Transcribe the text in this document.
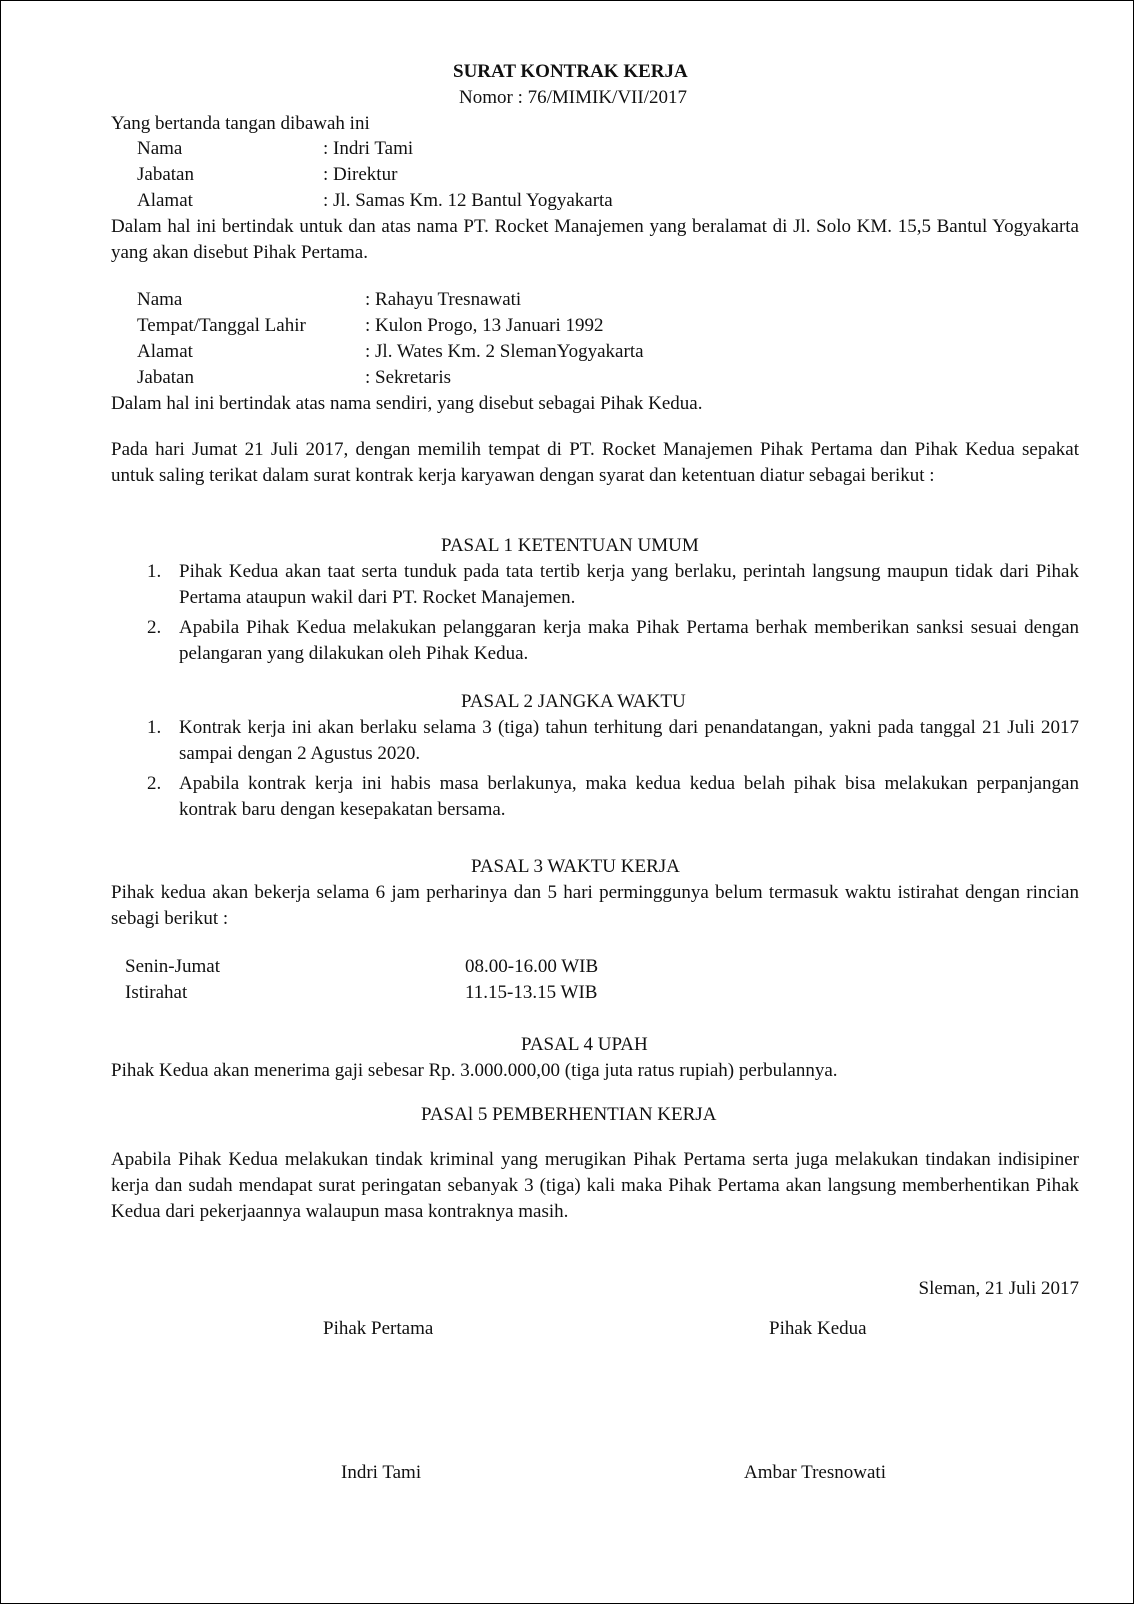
SURAT KONTRAK KERJA
Nomor : 76/MIMIK/VII/2017
Yang bertanda tangan dibawah ini
Nama	: Indri Tami
Jabatan	: Direktur
Alamat	: Jl. Samas Km. 12 Bantul Yogyakarta
Dalam hal ini bertindak untuk dan atas nama PT. Rocket Manajemen yang beralamat di Jl. Solo KM. 15,5 Bantul Yogyakarta yang akan disebut Pihak Pertama.
Nama	: Rahayu Tresnawati
Tempat/Tanggal Lahir	: Kulon Progo, 13 Januari 1992
Alamat	: Jl. Wates Km. 2 SlemanYogyakarta
Jabatan	: Sekretaris
Dalam hal ini bertindak atas nama sendiri, yang disebut sebagai Pihak Kedua.
Pada hari Jumat 21 Juli 2017, dengan memilih tempat di PT. Rocket Manajemen Pihak Pertama dan Pihak Kedua sepakat untuk saling terikat dalam surat kontrak kerja karyawan dengan syarat dan ketentuan diatur sebagai berikut :
PASAL 1 KETENTUAN UMUM
1. Pihak Kedua akan taat serta tunduk pada tata tertib kerja yang berlaku, perintah langsung maupun tidak dari Pihak Pertama ataupun wakil dari PT. Rocket Manajemen.
2. Apabila Pihak Kedua melakukan pelanggaran kerja maka Pihak Pertama berhak memberikan sanksi sesuai dengan pelangaran yang dilakukan oleh Pihak Kedua.
PASAL 2 JANGKA WAKTU
1. Kontrak kerja ini akan berlaku selama 3 (tiga) tahun terhitung dari penandatangan, yakni pada tanggal 21 Juli 2017 sampai dengan 2 Agustus 2020.
2. Apabila kontrak kerja ini habis masa berlakunya, maka kedua kedua belah pihak bisa melakukan perpanjangan kontrak baru dengan kesepakatan bersama.
PASAL 3 WAKTU KERJA
Pihak kedua akan bekerja selama 6 jam perharinya dan 5 hari perminggunya belum termasuk waktu istirahat dengan rincian sebagi berikut :
Senin-Jumat	08.00-16.00 WIB
Istirahat	11.15-13.15 WIB
PASAL 4 UPAH
Pihak Kedua akan menerima gaji sebesar Rp. 3.000.000,00 (tiga juta ratus rupiah) perbulannya.
PASAl 5 PEMBERHENTIAN KERJA
Apabila Pihak Kedua melakukan tindak kriminal yang merugikan Pihak Pertama serta juga melakukan tindakan indisipiner kerja dan sudah mendapat surat peringatan sebanyak 3 (tiga) kali maka Pihak Pertama akan langsung memberhentikan Pihak Kedua dari pekerjaannya walaupun masa kontraknya masih.
Sleman, 21 Juli 2017
Pihak Pertama	Pihak Kedua
Indri Tami	Ambar Tresnowati
